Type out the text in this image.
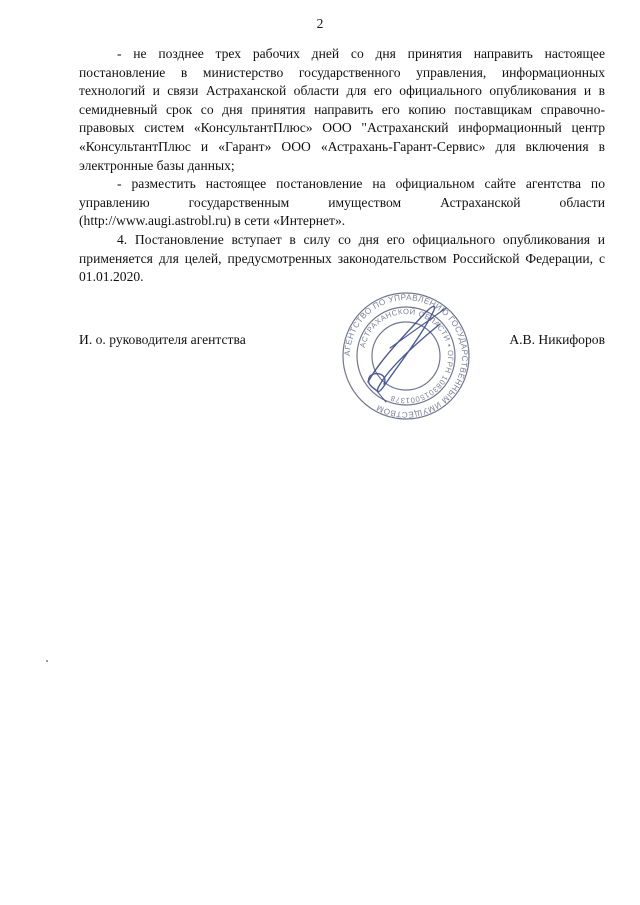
2

- не позднее трех рабочих дней со дня принятия направить настоящее постановление в министерство государственного управления, информационных технологий и связи Астраханской области для его официального опубликования и в семидневный срок со дня принятия направить его копию поставщикам справочно-правовых систем «КонсультантПлюс» ООО "Астраханский информационный центр «КонсультантПлюс и «Гарант» ООО «Астрахань-Гарант-Сервис» для включения в электронные базы данных;

- разместить настоящее постановление на официальном сайте агентства по управлению государственным имуществом Астраханской области (http://www.augi.astrobl.ru) в сети «Интернет».

4. Постановление вступает в силу со дня его официального опубликования и применяется для целей, предусмотренных законодательством Российской Федерации, с 01.01.2020.

И. о. руководителя агентства	А.В. Никифоров
АГЕНТСТВО ПО УПРАВЛЕНИЮ ГОСУДАРСТВЕННЫМ ИМУЩЕСТВОМ
АСТРАХАНСКОЙ ОБЛАСТИ • ОГРН 1083015001378
